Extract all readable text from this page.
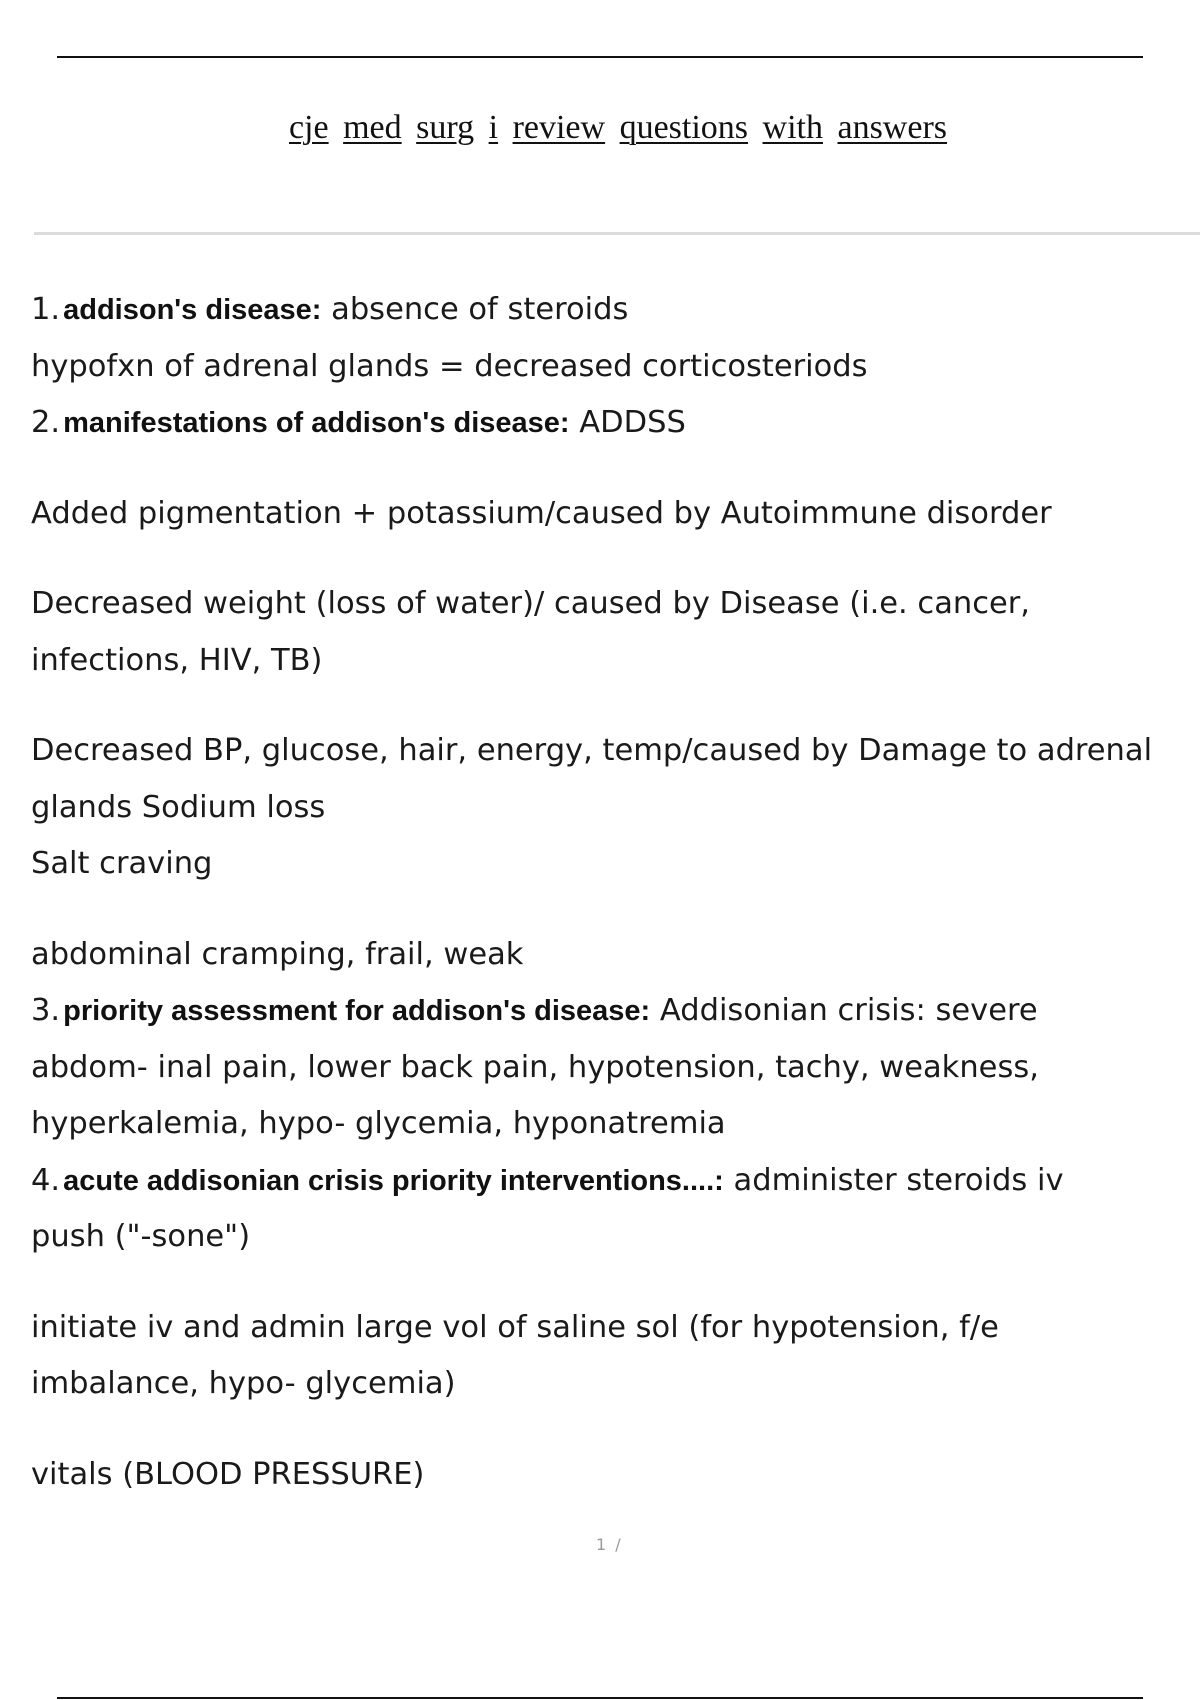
cje med surg i review questions with answers
1. addison's disease: absence of steroids
hypofxn of adrenal glands = decreased corticosteriods
2. manifestations of addison's disease: ADDSS
Added pigmentation + potassium/caused by Autoimmune disorder
Decreased weight (loss of water)/ caused by Disease (i.e. cancer,
infections, HIV, TB)
Decreased BP, glucose, hair, energy, temp/caused by Damage to adrenal
glands Sodium loss
Salt craving
abdominal cramping, frail, weak
3. priority assessment for addison's disease: Addisonian crisis: severe
abdom- inal pain, lower back pain, hypotension, tachy, weakness,
hyperkalemia, hypo- glycemia, hyponatremia
4. acute addisonian crisis priority interventions....: administer steroids iv
push ("-sone")
initiate iv and admin large vol of saline sol (for hypotension, f/e
imbalance, hypo- glycemia)
vitals (BLOOD PRESSURE)
1 /
